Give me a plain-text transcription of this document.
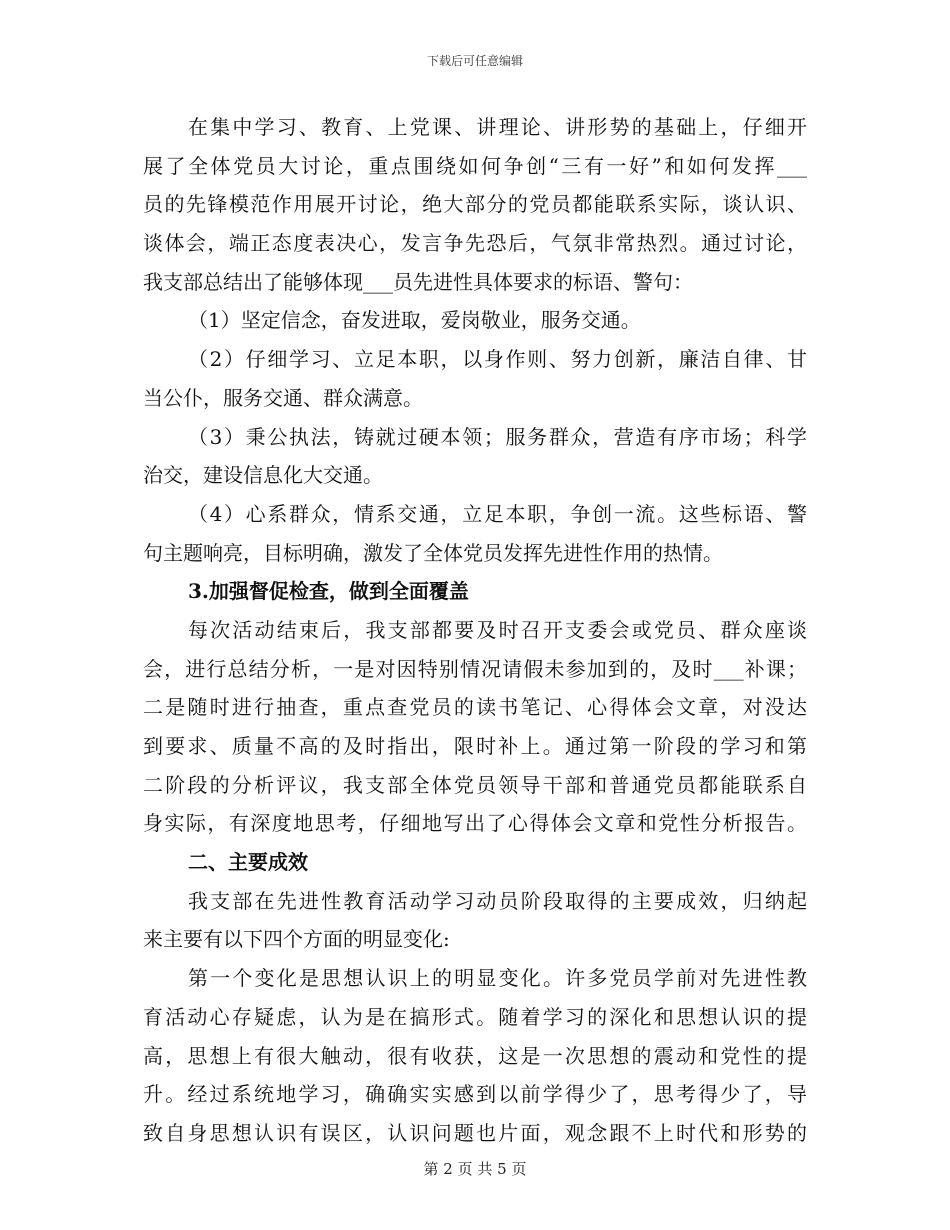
下载后可任意编辑
在集中学习、教育、上党课、讲理论、讲形势的基础上，仔细开
展了全体党员大讨论，重点围绕如何争创“三有一好”和如何发挥___
员的先锋模范作用展开讨论，绝大部分的党员都能联系实际，谈认识、
谈体会，端正态度表决心，发言争先恐后，气氛非常热烈。通过讨论，
我支部总结出了能够体现___员先进性具体要求的标语、警句：
（1）坚定信念，奋发进取，爱岗敬业，服务交通。
（2）仔细学习、立足本职，以身作则、努力创新，廉洁自律、甘
当公仆，服务交通、群众满意。
（3）秉公执法，铸就过硬本领；服务群众，营造有序市场；科学
治交，建设信息化大交通。
（4）心系群众，情系交通，立足本职，争创一流。这些标语、警
句主题响亮，目标明确，激发了全体党员发挥先进性作用的热情。
3.加强督促检查，做到全面覆盖
每次活动结束后，我支部都要及时召开支委会或党员、群众座谈
会，进行总结分析，一是对因特别情况请假未参加到的，及时___补课；
二是随时进行抽查，重点查党员的读书笔记、心得体会文章，对没达
到要求、质量不高的及时指出，限时补上。通过第一阶段的学习和第
二阶段的分析评议，我支部全体党员领导干部和普通党员都能联系自
身实际，有深度地思考，仔细地写出了心得体会文章和党性分析报告。
二、主要成效
我支部在先进性教育活动学习动员阶段取得的主要成效，归纳起
来主要有以下四个方面的明显变化:
第一个变化是思想认识上的明显变化。许多党员学前对先进性教
育活动心存疑虑，认为是在搞形式。随着学习的深化和思想认识的提
高，思想上有很大触动，很有收获，这是一次思想的震动和党性的提
升。经过系统地学习，确确实实感到以前学得少了，思考得少了，导
致自身思想认识有误区，认识问题也片面，观念跟不上时代和形势的
第 2 页 共 5 页
